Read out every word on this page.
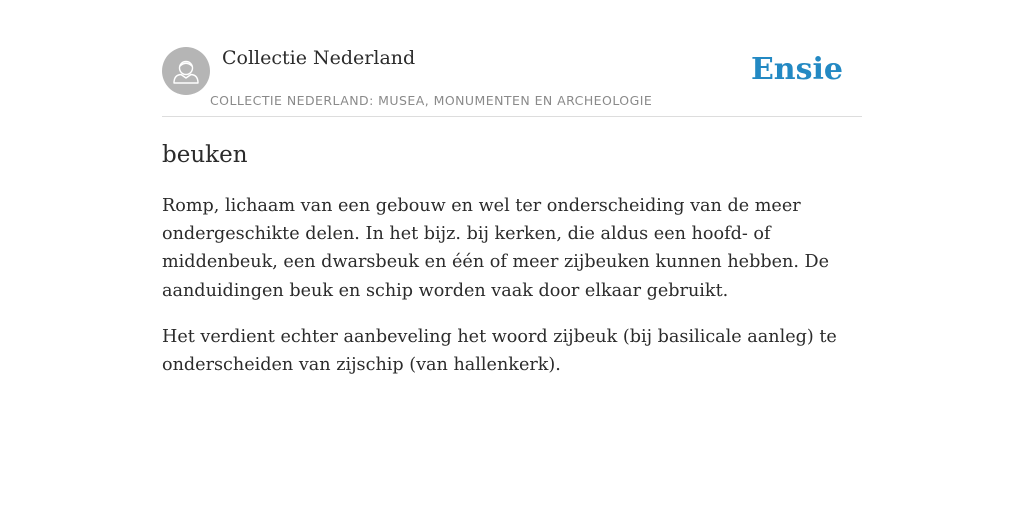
Collectie Nederland
COLLECTIE NEDERLAND: MUSEA, MONUMENTEN EN ARCHEOLOGIE
Ensie
beuken

Romp, lichaam van een gebouw en wel ter onderscheiding van de meer ondergeschikte delen. In het bijz. bij kerken, die aldus een hoofd- of middenbeuk, een dwarsbeuk en één of meer zijbeuken kunnen hebben. De aanduidingen beuk en schip worden vaak door elkaar gebruikt.

Het verdient echter aanbeveling het woord zijbeuk (bij basilicale aanleg) te onderscheiden van zijschip (van hallenkerk).
